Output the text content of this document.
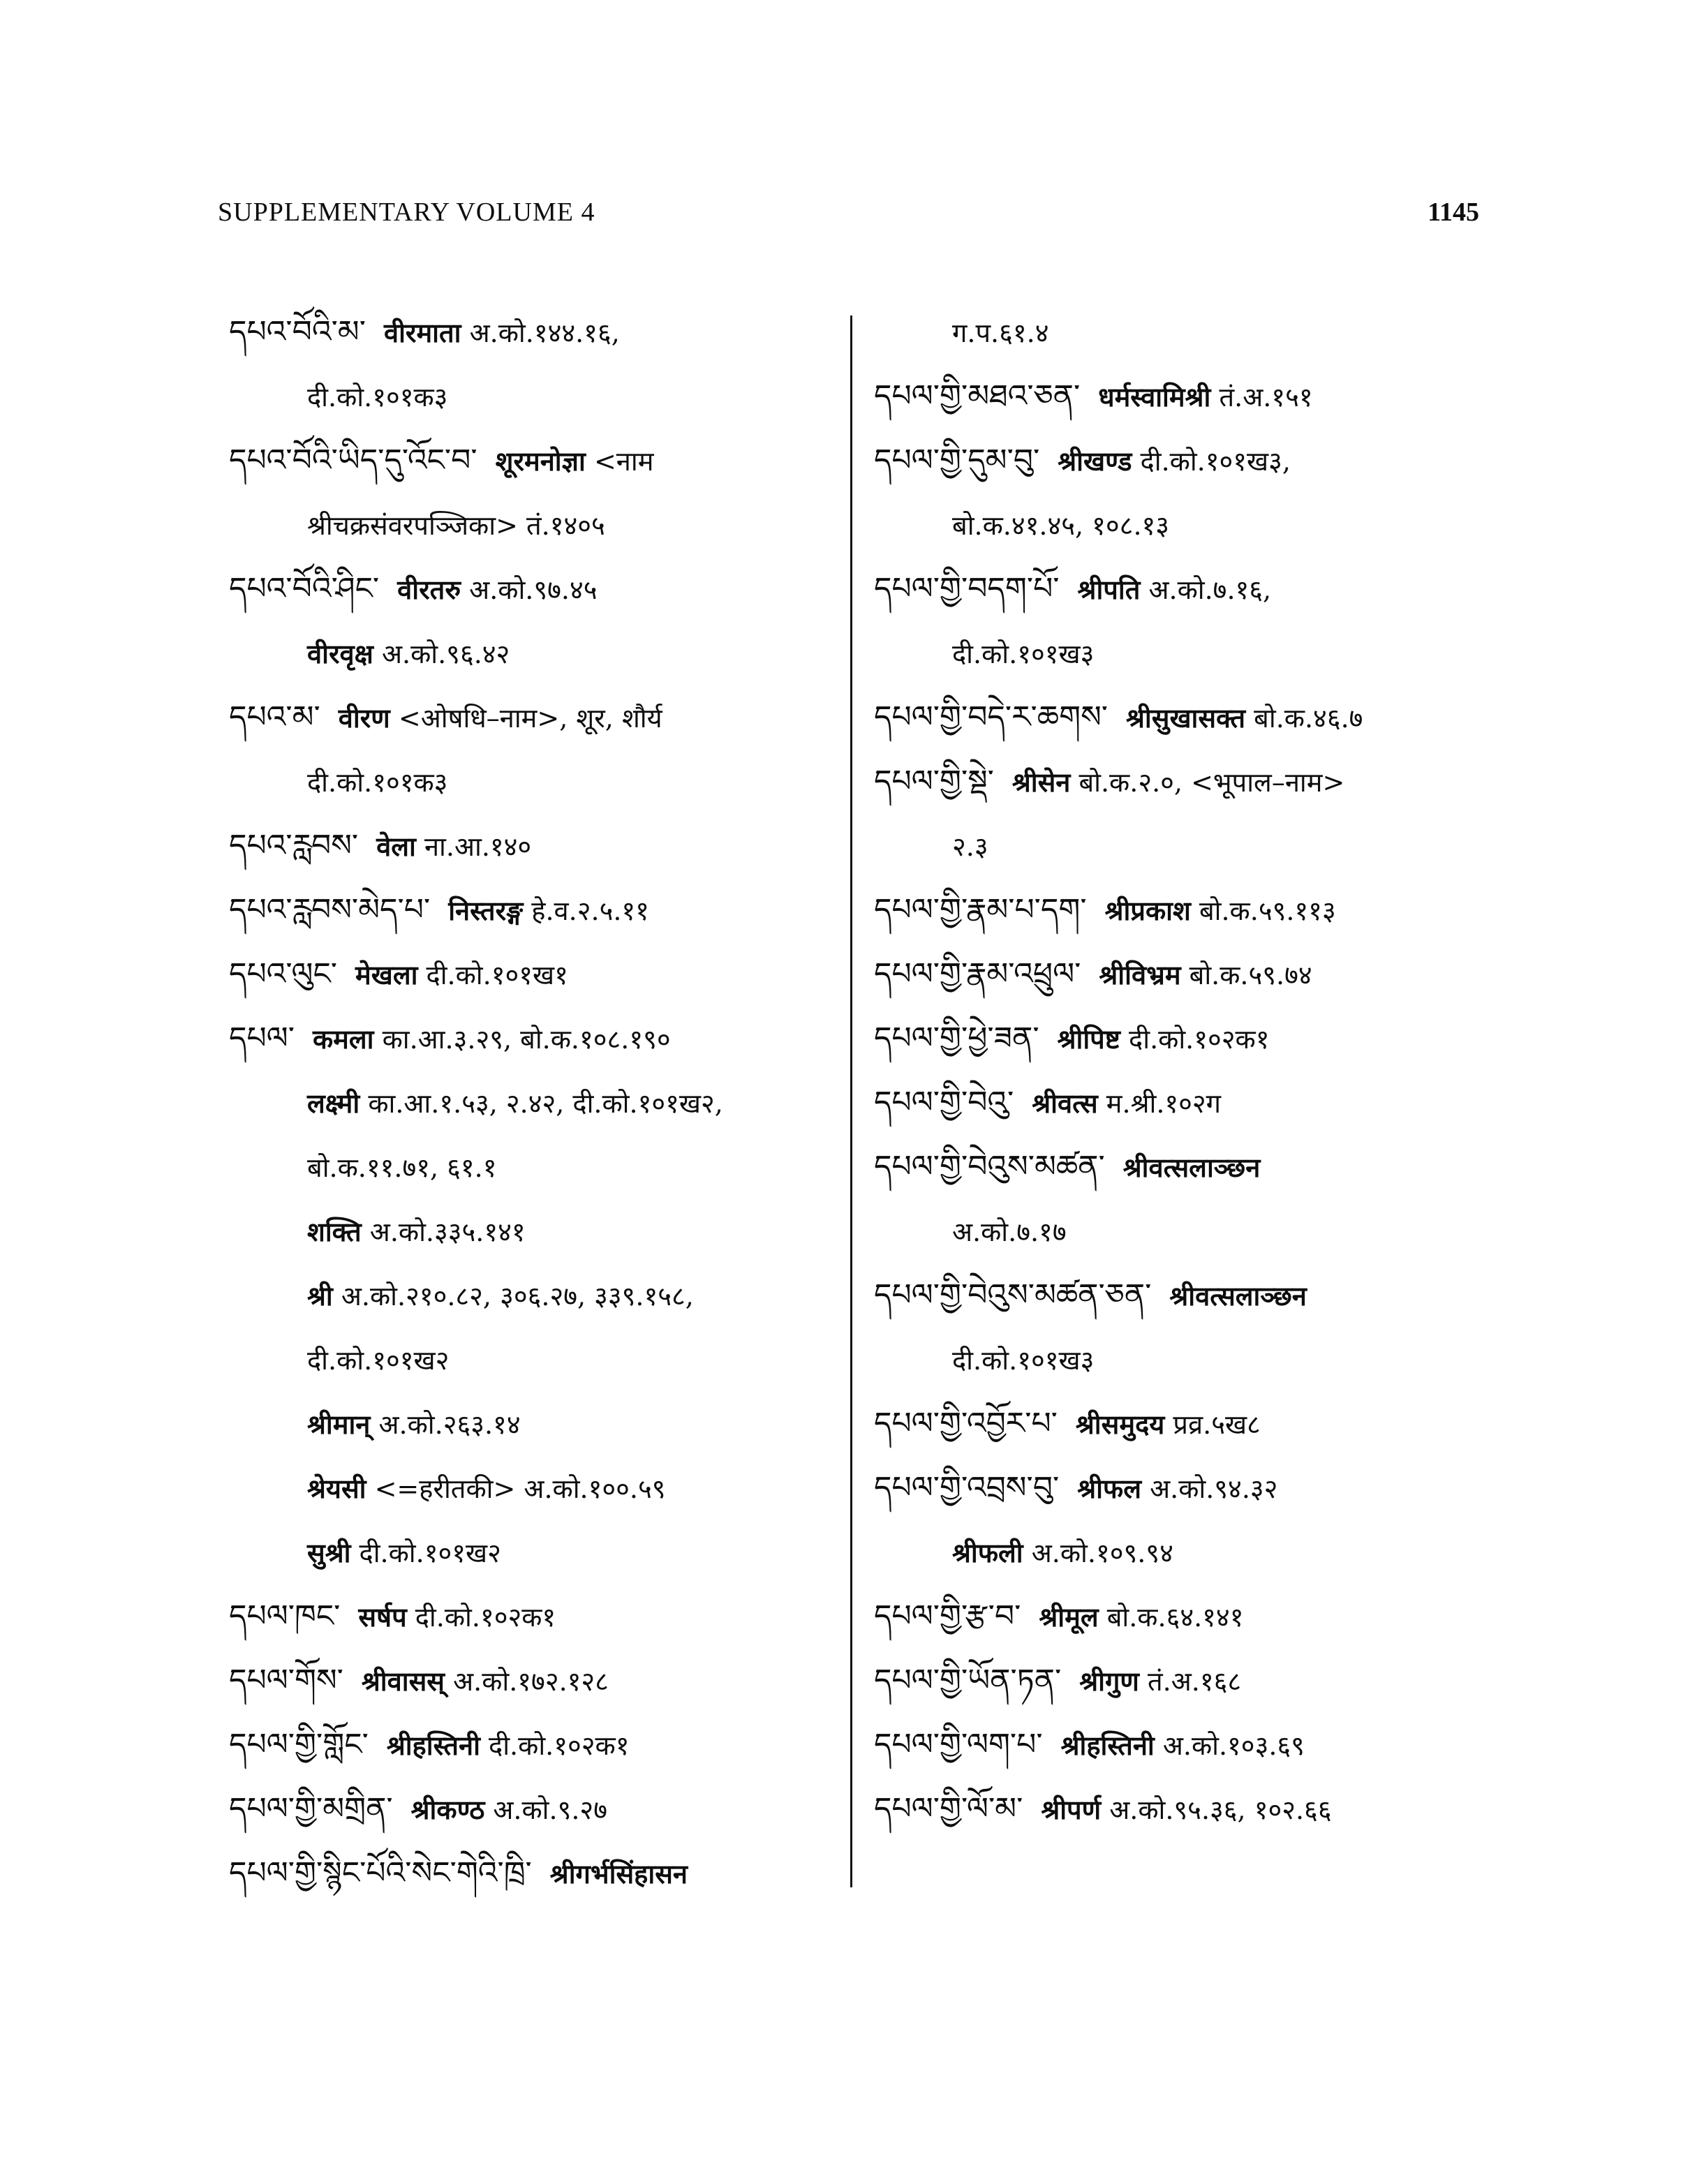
SUPPLEMENTARY VOLUME 4	1145
དཔའ་བོའི་མ་ वीरमाता अ.को.१४४.१६,
दी.को.१०१क३
དཔའ་བོའི་ཡིད་དུ་འོང་བ་ शूरमनोज्ञा <नाम
श्रीचक्रसंवरपञ्जिका> तं.१४०५
དཔའ་བོའི་ཤིང་ वीरतरु अ.को.९७.४५
वीरवृक्ष अ.को.९६.४२
དཔའ་མ་ वीरण <ओषधि–नाम>, शूर, शौर्य
दी.को.१०१क३
དཔའ་རླབས་ वेला ना.आ.१४०
དཔའ་རླབས་མེད་པ་ निस्तरङ्ग हे.व.२.५.११
དཔའ་ལུང་ मेखला दी.को.१०१ख१
དཔལ་ कमला का.आ.३.२९, बो.क.१०८.१९०
लक्ष्मी का.आ.१.५३, २.४२, दी.को.१०१ख२,
बो.क.११.७१, ६१.१
शक्ति अ.को.३३५.१४१
श्री अ.को.२१०.८२, ३०६.२७, ३३९.१५८,
दी.को.१०१ख२
श्रीमान् अ.को.२६३.१४
श्रेयसी <=हरीतकी> अ.को.१००.५९
सुश्री दी.को.१०१ख२
དཔལ་ཁང་ सर्षप दी.को.१०२क१
དཔལ་གོས་ श्रीवासस् अ.को.१७२.१२८
དཔལ་གྱི་གློང་ श्रीहस्तिनी दी.को.१०२क१
དཔལ་གྱི་མགྲིན་ श्रीकण्ठ अ.को.९.२७
དཔལ་གྱི་སྙིང་པོའི་སེང་གེའི་ཁྲི་ श्रीगर्भसिंहासन
ग.प.६१.४
དཔལ་གྱི་མཐའ་ཅན་ धर्मस्वामिश्री तं.अ.१५१
དཔལ་གྱི་དུམ་བུ་ श्रीखण्ड दी.को.१०१ख३,
बो.क.४१.४५, १०८.१३
དཔལ་གྱི་བདག་པོ་ श्रीपति अ.को.७.१६,
दी.को.१०१ख३
དཔལ་གྱི་བདེ་ར་ཆགས་ श्रीसुखासक्त बो.क.४६.७
དཔལ་གྱི་སྡེ་ श्रीसेन बो.क.२.०, <भूपाल–नाम>
२.३
དཔལ་གྱི་རྣམ་པ་དག་ श्रीप्रकाश बो.क.५९.११३
དཔལ་གྱི་རྣམ་འཕྲུལ་ श्रीविभ्रम बो.क.५९.७४
དཔལ་གྱི་ཕྱེ་ཟན་ श्रीपिष्ट दी.को.१०२क१
དཔལ་གྱི་བེའུ་ श्रीवत्स म.श्री.१०२ग
དཔལ་གྱི་བེའུས་མཚན་ श्रीवत्सलाञ्छन
अ.को.७.१७
དཔལ་གྱི་བེའུས་མཚན་ཅན་ श्रीवत्सलाञ्छन
दी.को.१०१ख३
དཔལ་གྱི་འབྱོར་པ་ श्रीसमुदय प्रव्र.५ख८
དཔལ་གྱི་འབྲས་བུ་ श्रीफल अ.को.९४.३२
श्रीफली अ.को.१०९.९४
དཔལ་གྱི་རྩ་བ་ श्रीमूल बो.क.६४.१४१
དཔལ་གྱི་ཡོན་ཏན་ श्रीगुण तं.अ.१६८
དཔལ་གྱི་ལག་པ་ श्रीहस्तिनी अ.को.१०३.६९
དཔལ་གྱི་ལོ་མ་ श्रीपर्ण अ.को.९५.३६, १०२.६६
